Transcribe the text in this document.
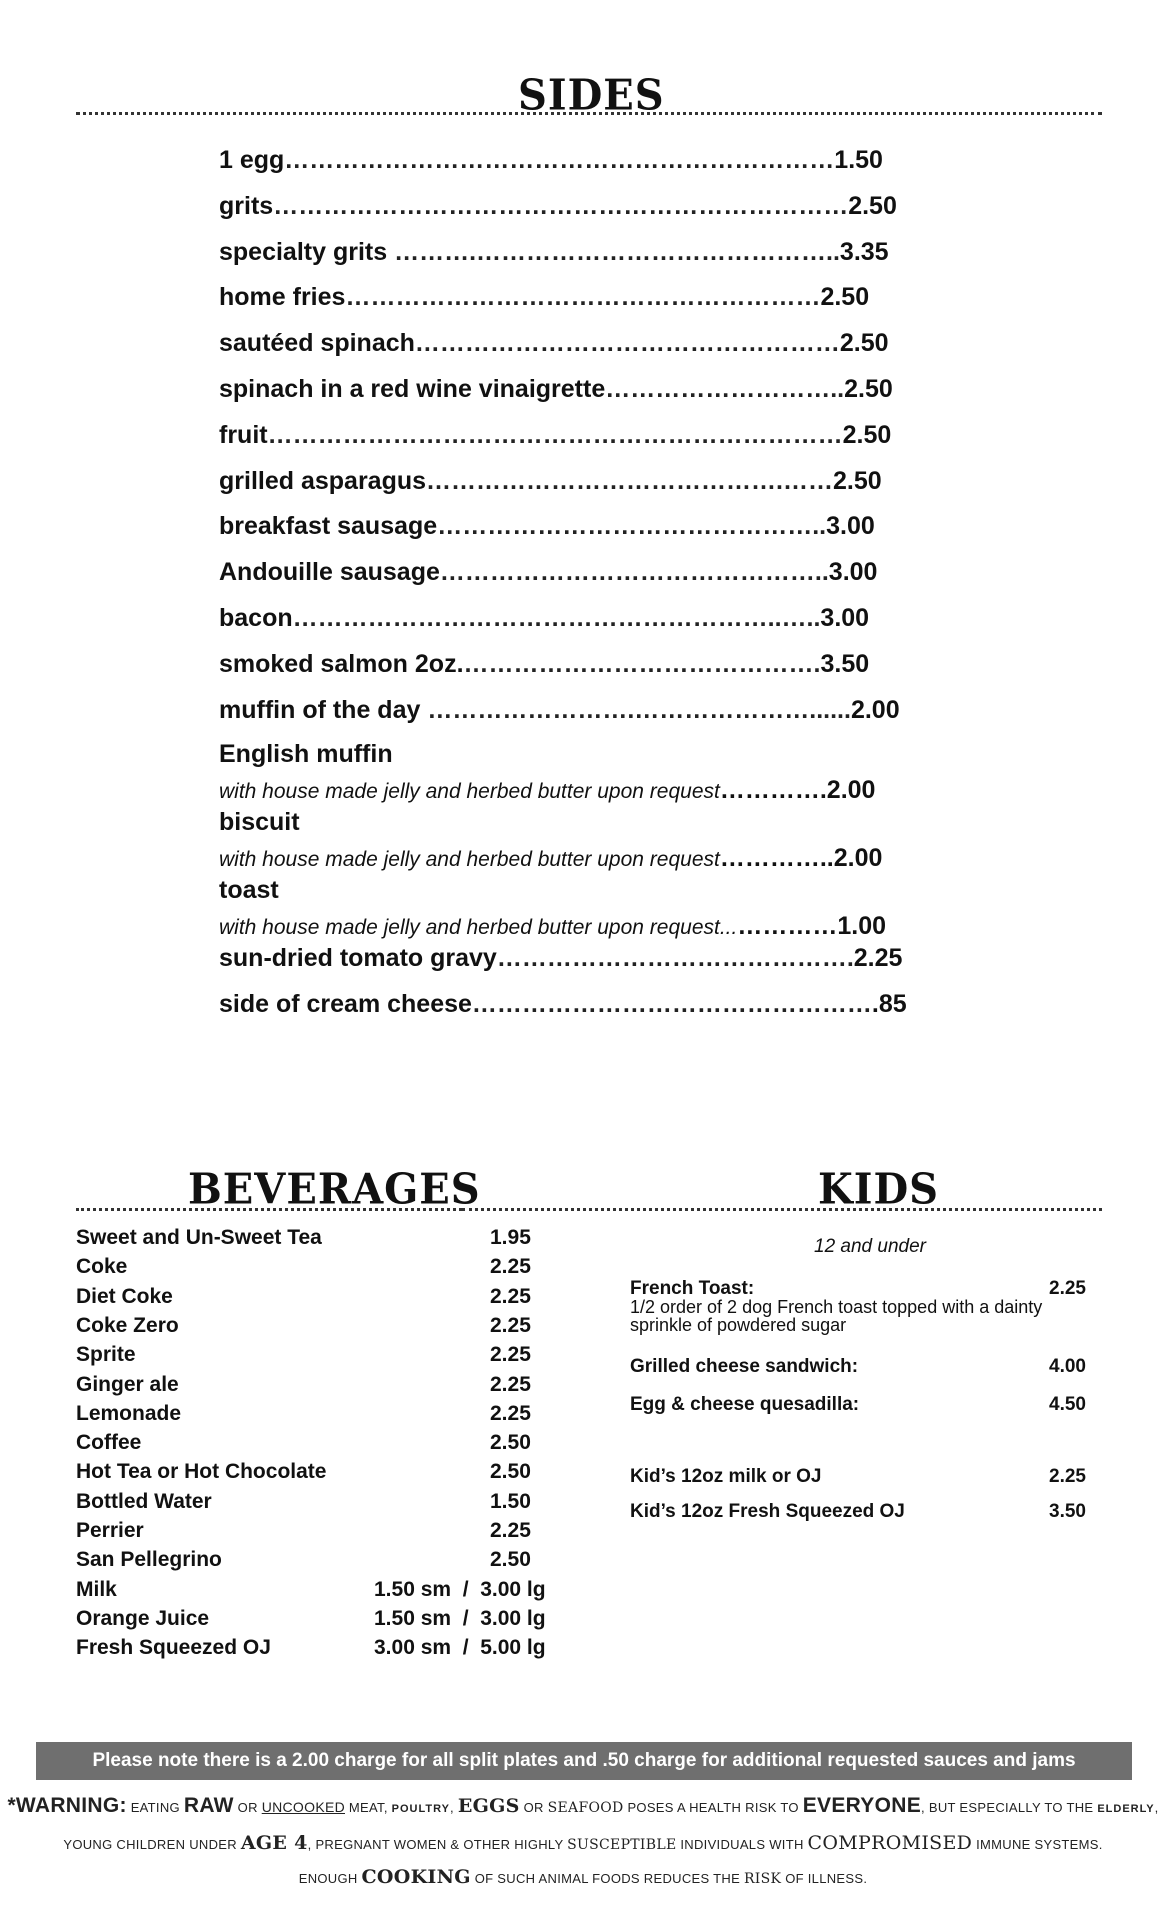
SIDES
1 egg………………………………………………………… 1.50
grits…………………………………………………………… 2.50
specialty grits ……….…………………………………….. 3.35
home fries………………………………………………… 2.50
sautéed spinach…………………………………………… 2.50
spinach in a red wine vinaigrette……………………….. 2.50
fruit…………………………………………………………… 2.50
grilled asparagus…………………………………….…… 2.50
breakfast sausage……………………………………….. 3.00
Andouille sausage……………………………………….. 3.00
bacon…………………………………………………..….. 3.00
smoked salmon 2oz.……………………………………. 3.50
muffin of the day …………………….…………………...... 2.00
English muffin
with house made jelly and herbed butter upon request………….2.00
biscuit
with house made jelly and herbed butter upon request…………..2.00
toast
with house made jelly and herbed butter upon request...…………1.00
sun-dried tomato gravy…………………………………….2.25
side of cream cheese………………………………………….85
BEVERAGES
Sweet and Un-Sweet Tea	1.95
Coke	2.25
Diet Coke	2.25
Coke Zero	2.25
Sprite	2.25
Ginger ale	2.25
Lemonade	2.25
Coffee	2.50
Hot Tea or Hot Chocolate	2.50
Bottled Water	1.50
Perrier	2.25
San Pellegrino	2.50
Milk	1.50 sm  /  3.00 lg
Orange Juice	1.50 sm  /  3.00 lg
Fresh Squeezed OJ	3.00 sm  /  5.00 lg
KIDS
12 and under
French Toast:	2.25
1/2 order of 2 dog French toast topped with a dainty sprinkle of powdered sugar
Grilled cheese sandwich:	4.00
Egg & cheese quesadilla:	4.50
Kid’s 12oz milk or OJ	2.25
Kid’s 12oz Fresh Squeezed OJ	3.50
Please note there is a 2.00 charge for all split plates and .50 charge for additional requested sauces and jams
*WARNING: EATING RAW OR UNCOOKED MEAT, POULTRY, EGGS OR SEAFOOD POSES A HEALTH RISK TO EVERYONE, BUT ESPECIALLY TO THE ELDERLY,
YOUNG CHILDREN UNDER AGE 4, PREGNANT WOMEN & OTHER HIGHLY SUSCEPTIBLE INDIVIDUALS WITH COMPROMISED IMMUNE SYSTEMS.
ENOUGH COOKING OF SUCH ANIMAL FOODS REDUCES THE RISK OF ILLNESS.
